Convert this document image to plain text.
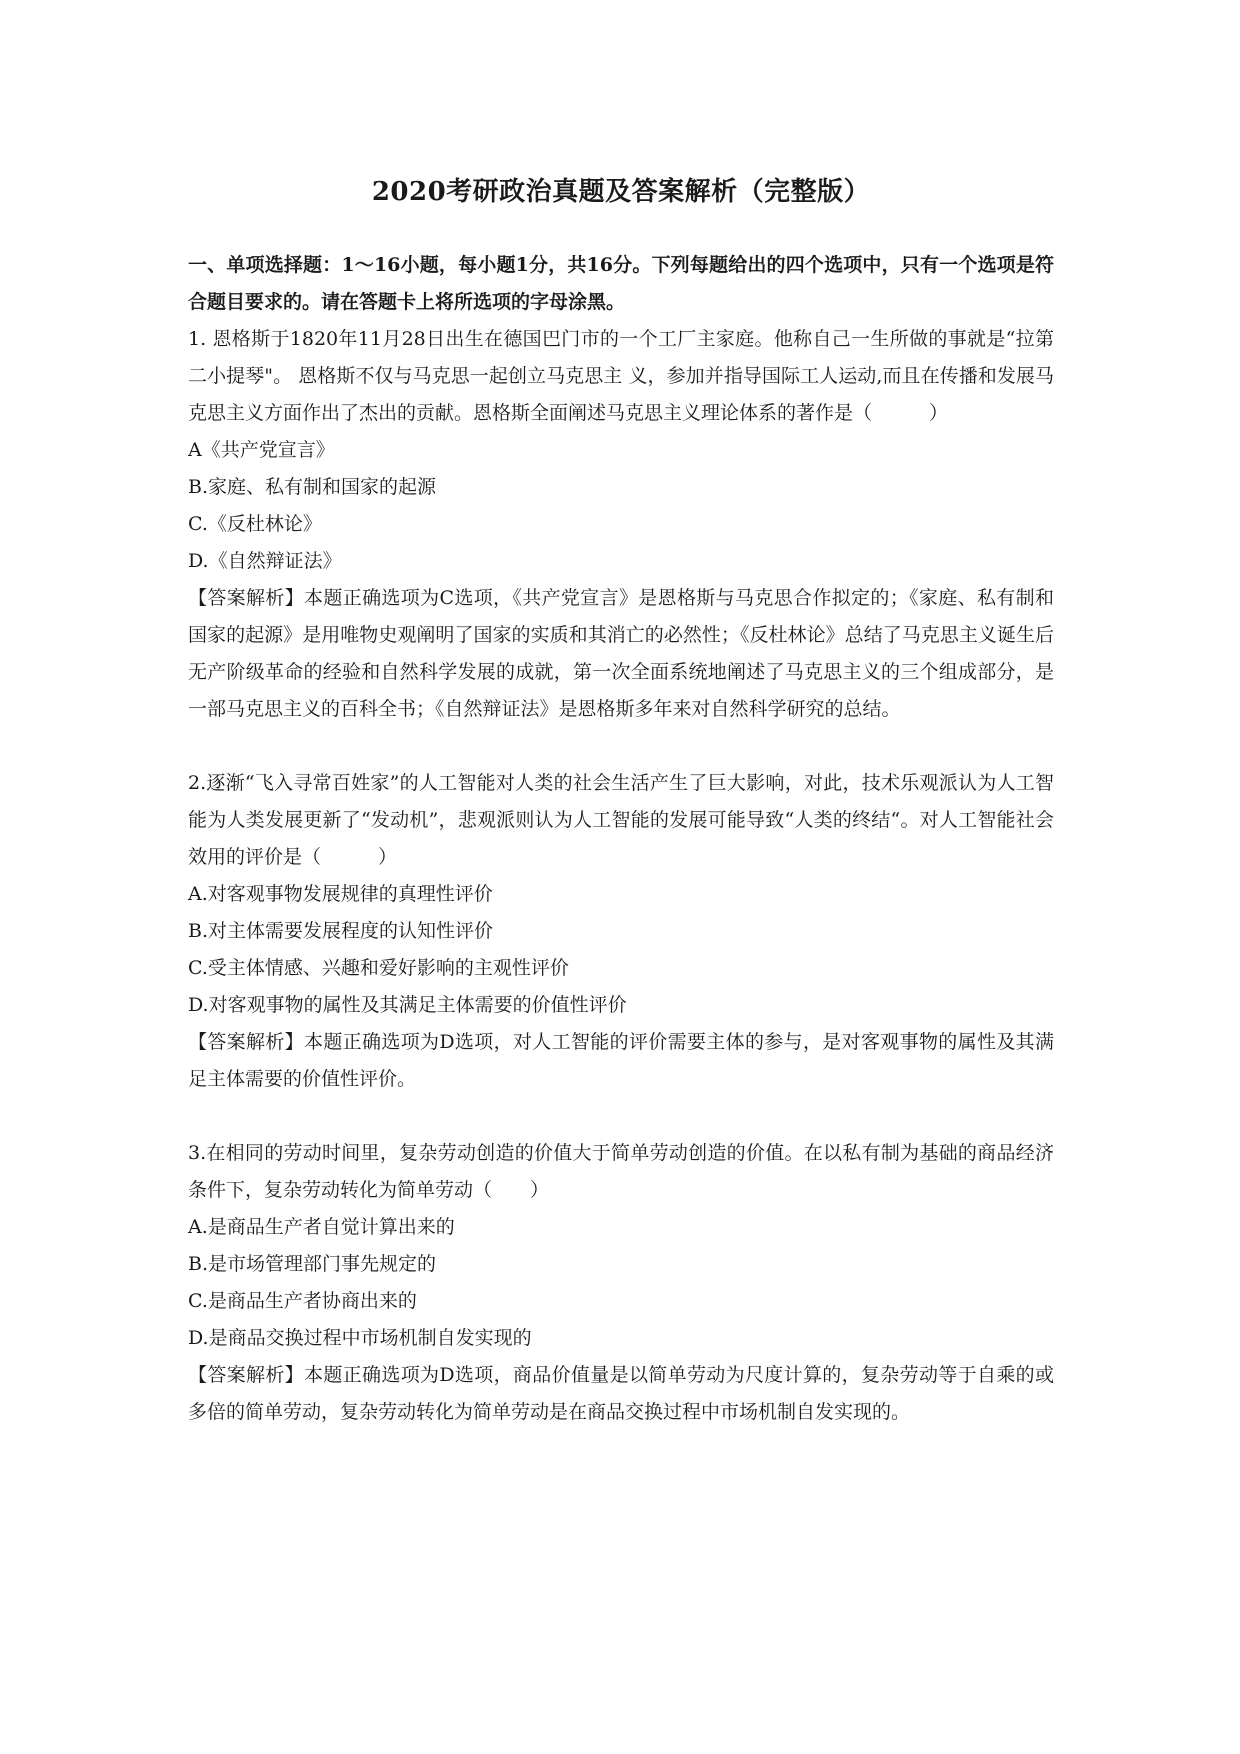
2020考研政治真题及答案解析（完整版）

一、单项选择题：1～16小题，每小题1分，共16分。下列每题给出的四个选项中，只有一个选项是符合题目要求的。请在答题卡上将所选项的字母涂黑。

1. 恩格斯于1820年11月28日出生在德国巴门市的一个工厂主家庭。他称自己一生所做的事就是“拉第二小提琴"。 恩格斯不仅与马克思一起创立马克思主 义，参加并指导国际工人运动,而且在传播和发展马克思主义方面作出了杰出的贡献。恩格斯全面阐述马克思主义理论体系的著作是（　　　）

A《共产党宣言》

B.家庭、私有制和国家的起源

C.《反杜林论》

D.《自然辩证法》

【答案解析】本题正确选项为C选项，《共产党宣言》是恩格斯与马克思合作拟定的；《家庭、私有制和国家的起源》是用唯物史观阐明了国家的实质和其消亡的必然性；《反杜林论》总结了马克思主义诞生后无产阶级革命的经验和自然科学发展的成就，第一次全面系统地阐述了马克思主义的三个组成部分，是一部马克思主义的百科全书；《自然辩证法》是恩格斯多年来对自然科学研究的总结。

2.逐渐“飞入寻常百姓家”的人工智能对人类的社会生活产生了巨大影响，对此，技术乐观派认为人工智能为人类发展更新了“发动机”，悲观派则认为人工智能的发展可能导致“人类的终结“。对人工智能社会效用的评价是（　　　）

A.对客观事物发展规律的真理性评价

B.对主体需要发展程度的认知性评价

C.受主体情感、兴趣和爱好影响的主观性评价

D.对客观事物的属性及其满足主体需要的价值性评价

【答案解析】本题正确选项为D选项，对人工智能的评价需要主体的参与，是对客观事物的属性及其满足主体需要的价值性评价。

3.在相同的劳动时间里，复杂劳动创造的价值大于简单劳动创造的价值。在以私有制为基础的商品经济条件下，复杂劳动转化为简单劳动（　　）

A.是商品生产者自觉计算出来的

B.是市场管理部门事先规定的

C.是商品生产者协商出来的

D.是商品交换过程中市场机制自发实现的

【答案解析】本题正确选项为D选项，商品价值量是以简单劳动为尺度计算的，复杂劳动等于自乘的或多倍的简单劳动，复杂劳动转化为简单劳动是在商品交换过程中市场机制自发实现的。
